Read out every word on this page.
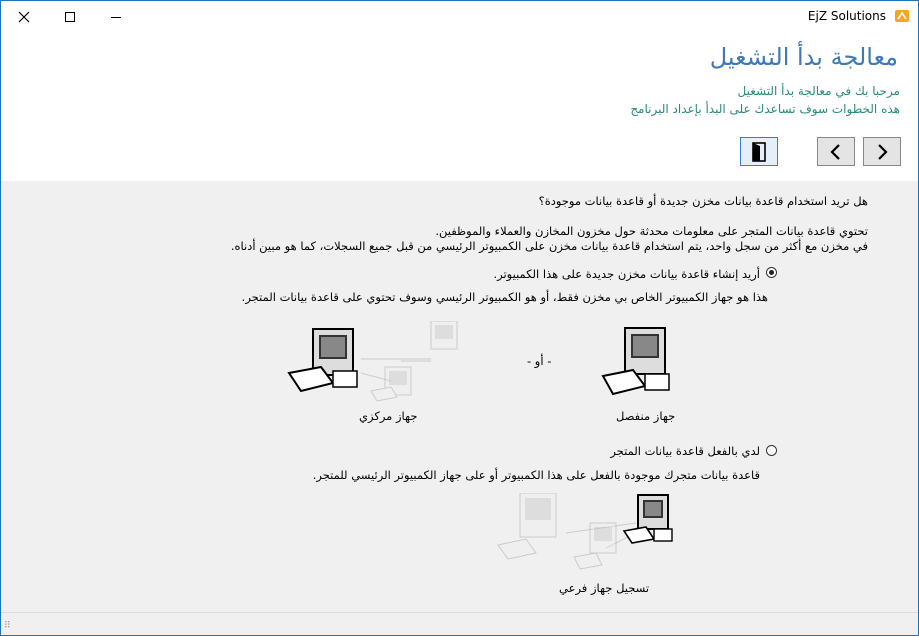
EjZ Solutions
معالجة بدأ التشغيل
مرحبا بك في معالجة بدأ التشغيل
هذه الخطوات سوف تساعدك على البدأ بإعداد البرنامج
هل تريد استخدام قاعدة بيانات مخزن جديدة أو قاعدة بيانات موجودة؟
تحتوي قاعدة بيانات المتجر على معلومات محدثة حول مخزون المخازن والعملاء والموظفين.
في مخزن مع أكثر من سجل واحد، يتم استخدام قاعدة بيانات مخزن على الكمبيوتر الرئيسي من قبل جميع السجلات، كما هو مبين أدناه.
أريد إنشاء قاعدة بيانات مخزن جديدة على هذا الكمبيوتر.
هذا هو جهاز الكمبيوتر الخاص بي مخزن فقط، أو هو الكمبيوتر الرئيسي وسوف تحتوي على قاعدة بيانات المتجر.
جهاز مركزي
- أو -
جهاز منفصل
لدي بالفعل قاعدة بيانات المتجر
قاعدة بيانات متجرك موجودة بالفعل على هذا الكمبيوتر أو على جهاز الكمبيوتر الرئيسي للمتجر.
تسجيل جهاز فرعي
⠿
